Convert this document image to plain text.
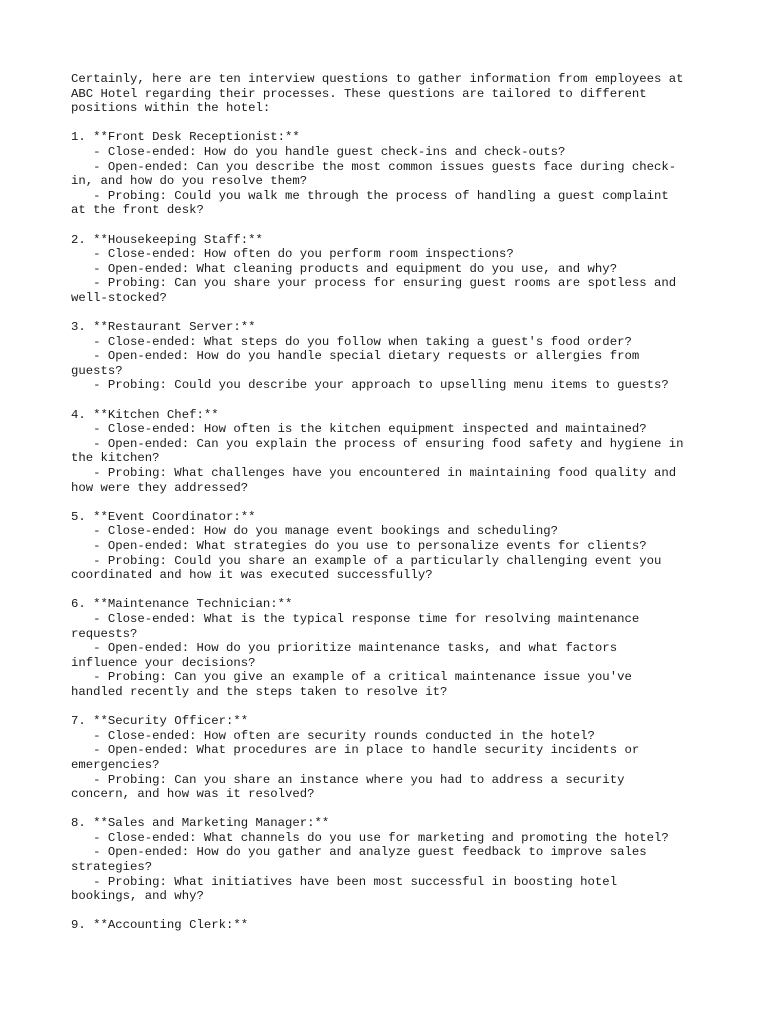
Certainly, here are ten interview questions to gather information from employees at
ABC Hotel regarding their processes. These questions are tailored to different
positions within the hotel:
1. **Front Desk Receptionist:**
- Close-ended: How do you handle guest check-ins and check-outs?
- Open-ended: Can you describe the most common issues guests face during check-
in, and how do you resolve them?
- Probing: Could you walk me through the process of handling a guest complaint
at the front desk?
2. **Housekeeping Staff:**
- Close-ended: How often do you perform room inspections?
- Open-ended: What cleaning products and equipment do you use, and why?
- Probing: Can you share your process for ensuring guest rooms are spotless and
well-stocked?
3. **Restaurant Server:**
- Close-ended: What steps do you follow when taking a guest's food order?
- Open-ended: How do you handle special dietary requests or allergies from
guests?
- Probing: Could you describe your approach to upselling menu items to guests?
4. **Kitchen Chef:**
- Close-ended: How often is the kitchen equipment inspected and maintained?
- Open-ended: Can you explain the process of ensuring food safety and hygiene in
the kitchen?
- Probing: What challenges have you encountered in maintaining food quality and
how were they addressed?
5. **Event Coordinator:**
- Close-ended: How do you manage event bookings and scheduling?
- Open-ended: What strategies do you use to personalize events for clients?
- Probing: Could you share an example of a particularly challenging event you
coordinated and how it was executed successfully?
6. **Maintenance Technician:**
- Close-ended: What is the typical response time for resolving maintenance
requests?
- Open-ended: How do you prioritize maintenance tasks, and what factors
influence your decisions?
- Probing: Can you give an example of a critical maintenance issue you've
handled recently and the steps taken to resolve it?
7. **Security Officer:**
- Close-ended: How often are security rounds conducted in the hotel?
- Open-ended: What procedures are in place to handle security incidents or
emergencies?
- Probing: Can you share an instance where you had to address a security
concern, and how was it resolved?
8. **Sales and Marketing Manager:**
- Close-ended: What channels do you use for marketing and promoting the hotel?
- Open-ended: How do you gather and analyze guest feedback to improve sales
strategies?
- Probing: What initiatives have been most successful in boosting hotel
bookings, and why?
9. **Accounting Clerk:**
